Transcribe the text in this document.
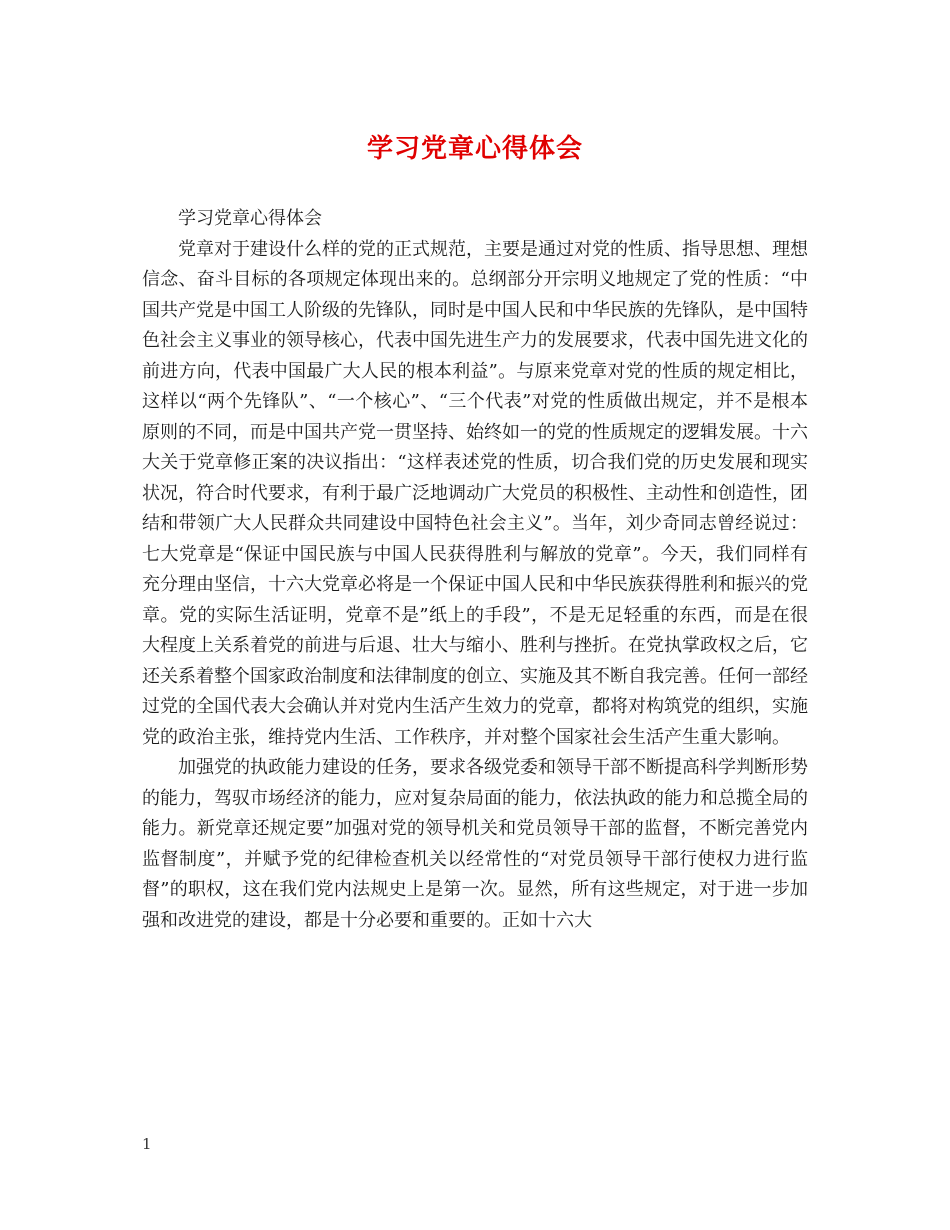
学习党章心得体会

学习党章心得体会

党章对于建设什么样的党的正式规范，主要是通过对党的性质、指导思想、理想信念、奋斗目标的各项规定体现出来的。总纲部分开宗明义地规定了党的性质：“中国共产党是中国工人阶级的先锋队，同时是中国人民和中华民族的先锋队，是中国特色社会主义事业的领导核心，代表中国先进生产力的发展要求，代表中国先进文化的前进方向，代表中国最广大人民的根本利益”。与原来党章对党的性质的规定相比，这样以“两个先锋队”、“一个核心”、“三个代表”对党的性质做出规定，并不是根本原则的不同，而是中国共产党一贯坚持、始终如一的党的性质规定的逻辑发展。十六大关于党章修正案的决议指出：“这样表述党的性质，切合我们党的历史发展和现实状况，符合时代要求，有利于最广泛地调动广大党员的积极性、主动性和创造性，团结和带领广大人民群众共同建设中国特色社会主义”。当年，刘少奇同志曾经说过：七大党章是“保证中国民族与中国人民获得胜利与解放的党章”。今天，我们同样有充分理由坚信，十六大党章必将是一个保证中国人民和中华民族获得胜利和振兴的党章。党的实际生活证明，党章不是”纸上的手段”，不是无足轻重的东西，而是在很大程度上关系着党的前进与后退、壮大与缩小、胜利与挫折。在党执掌政权之后，它还关系着整个国家政治制度和法律制度的创立、实施及其不断自我完善。任何一部经过党的全国代表大会确认并对党内生活产生效力的党章，都将对构筑党的组织，实施党的政治主张，维持党内生活、工作秩序，并对整个国家社会生活产生重大影响。

加强党的执政能力建设的任务，要求各级党委和领导干部不断提高科学判断形势的能力，驾驭市场经济的能力，应对复杂局面的能力，依法执政的能力和总揽全局的能力。新党章还规定要”加强对党的领导机关和党员领导干部的监督，不断完善党内监督制度”，并赋予党的纪律检查机关以经常性的“对党员领导干部行使权力进行监督”的职权，这在我们党内法规史上是第一次。显然，所有这些规定，对于进一步加强和改进党的建设，都是十分必要和重要的。正如十六大

1
